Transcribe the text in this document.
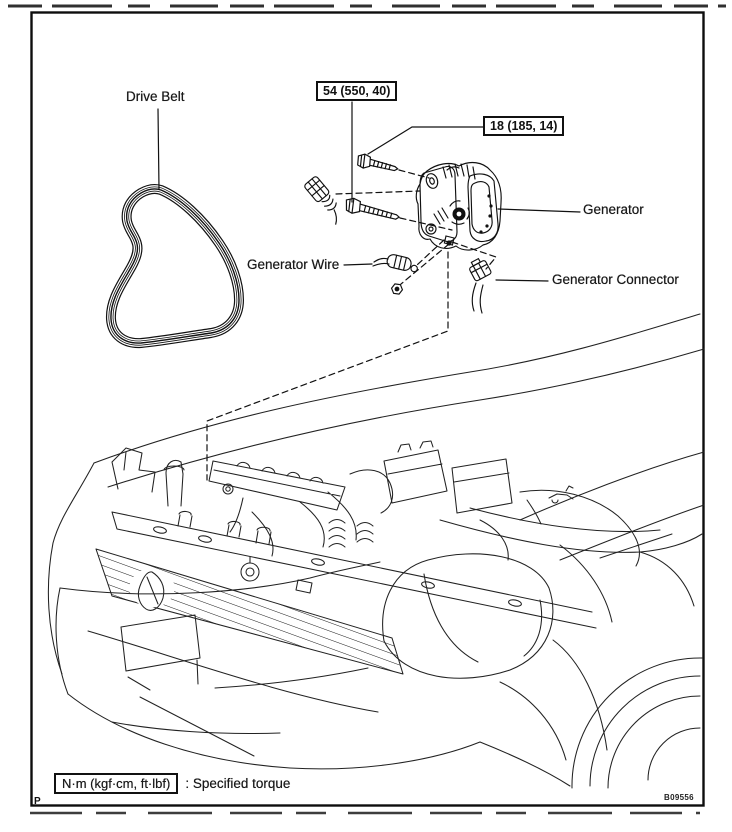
Drive Belt	54 (550, 40)
18 (185, 14)
Generator
Generator Wire
Generator Connector
N·m (kgf·cm, ft·lbf)	: Specified torque
B09556
P
